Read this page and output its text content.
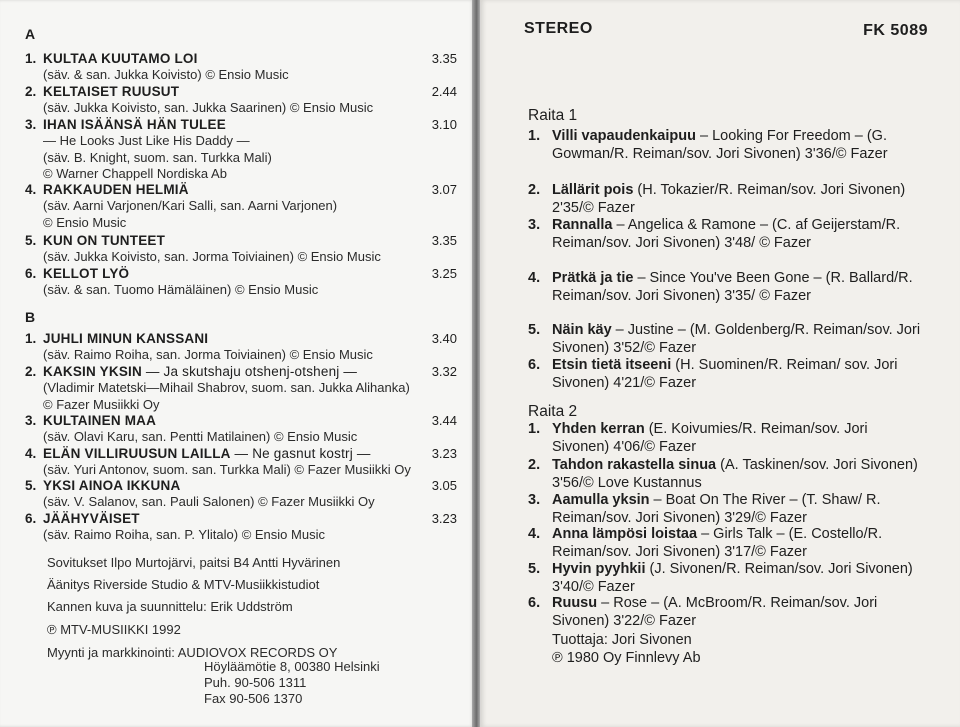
A
1. KULTAA KUUTAMO LOI	3.35
(säv. & san. Jukka Koivisto) © Ensio Music
2. KELTAISET RUUSUT	2.44
(säv. Jukka Koivisto, san. Jukka Saarinen) © Ensio Music
3. IHAN ISÄÄNSÄ HÄN TULEE	3.10
— He Looks Just Like His Daddy —
(säv. B. Knight, suom. san. Turkka Mali)
© Warner Chappell Nordiska Ab
4. RAKKAUDEN HELMIÄ	3.07
(säv. Aarni Varjonen/Kari Salli, san. Aarni Varjonen)
© Ensio Music
5. KUN ON TUNTEET	3.35
(säv. Jukka Koivisto, san. Jorma Toiviainen) © Ensio Music
6. KELLOT LYÖ	3.25
(säv. & san. Tuomo Hämäläinen) © Ensio Music
B
1. JUHLI MINUN KANSSANI	3.40
(säv. Raimo Roiha, san. Jorma Toiviainen) © Ensio Music
2. KAKSIN YKSIN — Ja skutshaju otshenj-otshenj —	3.32
(Vladimir Matetski—Mihail Shabrov, suom. san. Jukka Alihanka)
© Fazer Musiikki Oy
3. KULTAINEN MAA	3.44
(säv. Olavi Karu, san. Pentti Matilainen) © Ensio Music
4. ELÄN VILLIRUUSUN LAILLA — Ne gasnut kostrj —	3.23
(säv. Yuri Antonov, suom. san. Turkka Mali) © Fazer Musiikki Oy
5. YKSI AINOA IKKUNA	3.05
(säv. V. Salanov, san. Pauli Salonen) © Fazer Musiikki Oy
6. JÄÄHYVÄISET	3.23
(säv. Raimo Roiha, san. P. Ylitalo) © Ensio Music
Sovitukset Ilpo Murtojärvi, paitsi B4 Antti Hyvärinen
Äänitys Riverside Studio & MTV-Musiikkistudiot
Kannen kuva ja suunnittelu: Erik Uddström
℗ MTV-MUSIIKKI 1992
Myynti ja markkinointi: AUDIOVOX RECORDS OY
Höyläämötie 8, 00380 Helsinki
Puh. 90-506 1311
Fax 90-506 1370
STEREO	FK 5089
Raita 1
1. Villi vapaudenkaipuu – Looking For Freedom – (G. Gowman/R. Reiman/sov. Jori Sivonen) 3'36/© Fazer
2. Lällärit pois (H. Tokazier/R. Reiman/sov. Jori Sivonen) 2'35/© Fazer
3. Rannalla – Angelica & Ramone – (C. af Geijerstam/R. Reiman/sov. Jori Sivonen) 3'48/ © Fazer
4. Prätkä ja tie – Since You've Been Gone – (R. Ballard/R. Reiman/sov. Jori Sivonen) 3'35/ © Fazer
5. Näin käy – Justine – (M. Goldenberg/R. Reiman/sov. Jori Sivonen) 3'52/© Fazer
6. Etsin tietä itseeni (H. Suominen/R. Reiman/ sov. Jori Sivonen) 4'21/© Fazer
Raita 2
1. Yhden kerran (E. Koivumies/R. Reiman/sov. Jori Sivonen) 4'06/© Fazer
2. Tahdon rakastella sinua (A. Taskinen/sov. Jori Sivonen) 3'56/© Love Kustannus
3. Aamulla yksin – Boat On The River – (T. Shaw/ R. Reiman/sov. Jori Sivonen) 3'29/© Fazer
4. Anna lämpösi loistaa – Girls Talk – (E. Costello/R. Reiman/sov. Jori Sivonen) 3'17/© Fazer
5. Hyvin pyyhkii (J. Sivonen/R. Reiman/sov. Jori Sivonen) 3'40/© Fazer
6. Ruusu – Rose – (A. McBroom/R. Reiman/sov. Jori Sivonen) 3'22/© Fazer
Tuottaja: Jori Sivonen
℗ 1980 Oy Finnlevy Ab
